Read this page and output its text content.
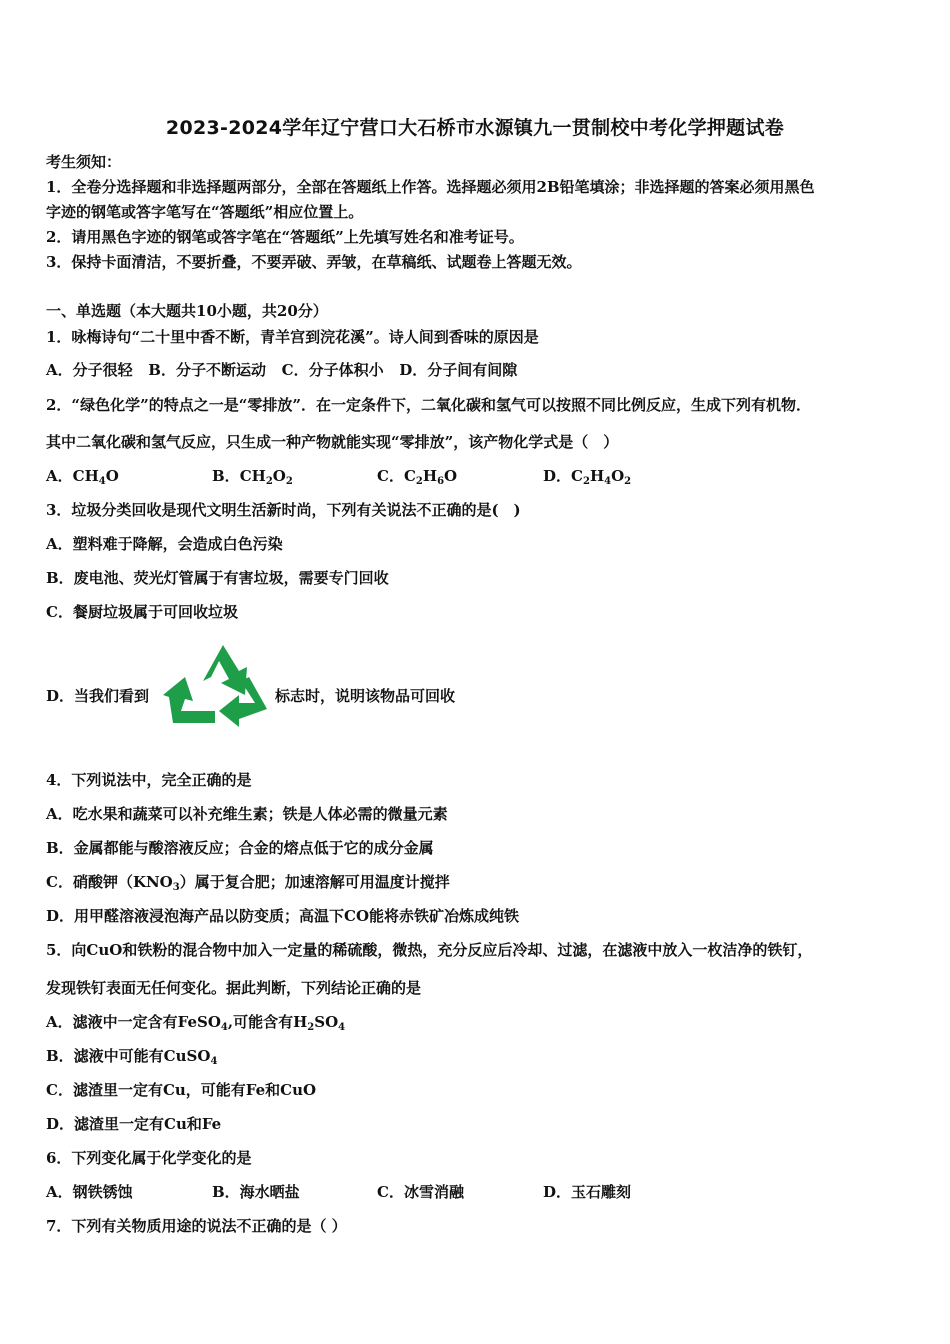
2023-2024学年辽宁营口大石桥市水源镇九一贯制校中考化学押题试卷
考生须知：
1．全卷分选择题和非选择题两部分，全部在答题纸上作答。选择题必须用2B铅笔填涂；非选择题的答案必须用黑色
字迹的钢笔或答字笔写在“答题纸”相应位置上。
2．请用黑色字迹的钢笔或答字笔在“答题纸”上先填写姓名和准考证号。
3．保持卡面清洁，不要折叠，不要弄破、弄皱，在草稿纸、试题卷上答题无效。
一、单选题（本大题共10小题，共20分）
1．咏梅诗句“二十里中香不断，青羊宫到浣花溪”。诗人间到香味的原因是
A．分子很轻   B．分子不断运动   C．分子体积小   D．分子间有间隙
2．“绿色化学”的特点之一是“零排放”．在一定条件下，二氧化碳和氢气可以按照不同比例反应，生成下列有机物．
其中二氧化碳和氢气反应，只生成一种产物就能实现“零排放”，该产物化学式是（　）
A．$CH_4O$	B．$CH_2O_2$	C．$C_2H_6O$	D．$C_2H_4O_2$
3．垃圾分类回收是现代文明生活新时尚，下列有关说法不正确的是(　)
A．塑料难于降解，会造成白色污染
B．废电池、荧光灯管属于有害垃圾，需要专门回收
C．餐厨垃圾属于可回收垃圾
D．当我们看到	标志时，说明该物品可回收
4．下列说法中，完全正确的是
A．吃水果和蔬菜可以补充维生素；铁是人体必需的微量元素
B．金属都能与酸溶液反应；合金的熔点低于它的成分金属
C．硝酸钾$(KNO_3)$属于复合肥；加速溶解可用温度计搅拌
D．用甲醛溶液浸泡海产品以防变质；高温下CO能将赤铁矿冶炼成纯铁
5．向CuO和铁粉的混合物中加入一定量的稀硫酸，微热，充分反应后冷却、过滤，在滤液中放入一枚洁净的铁钉，
发现铁钉表面无任何变化。据此判断，下列结论正确的是
A．滤液中一定含有FeSO$_4$,可能含有$H_2SO_4$
B．滤液中可能有CuSO$_4$
C．滤渣里一定有Cu，可能有Fe和CuO
D．滤渣里一定有Cu和Fe
6．下列变化属于化学变化的是
A．钢铁锈蚀	B．海水晒盐	C．冰雪消融	D．玉石雕刻
7．下列有关物质用途的说法不正确的是（ ）
